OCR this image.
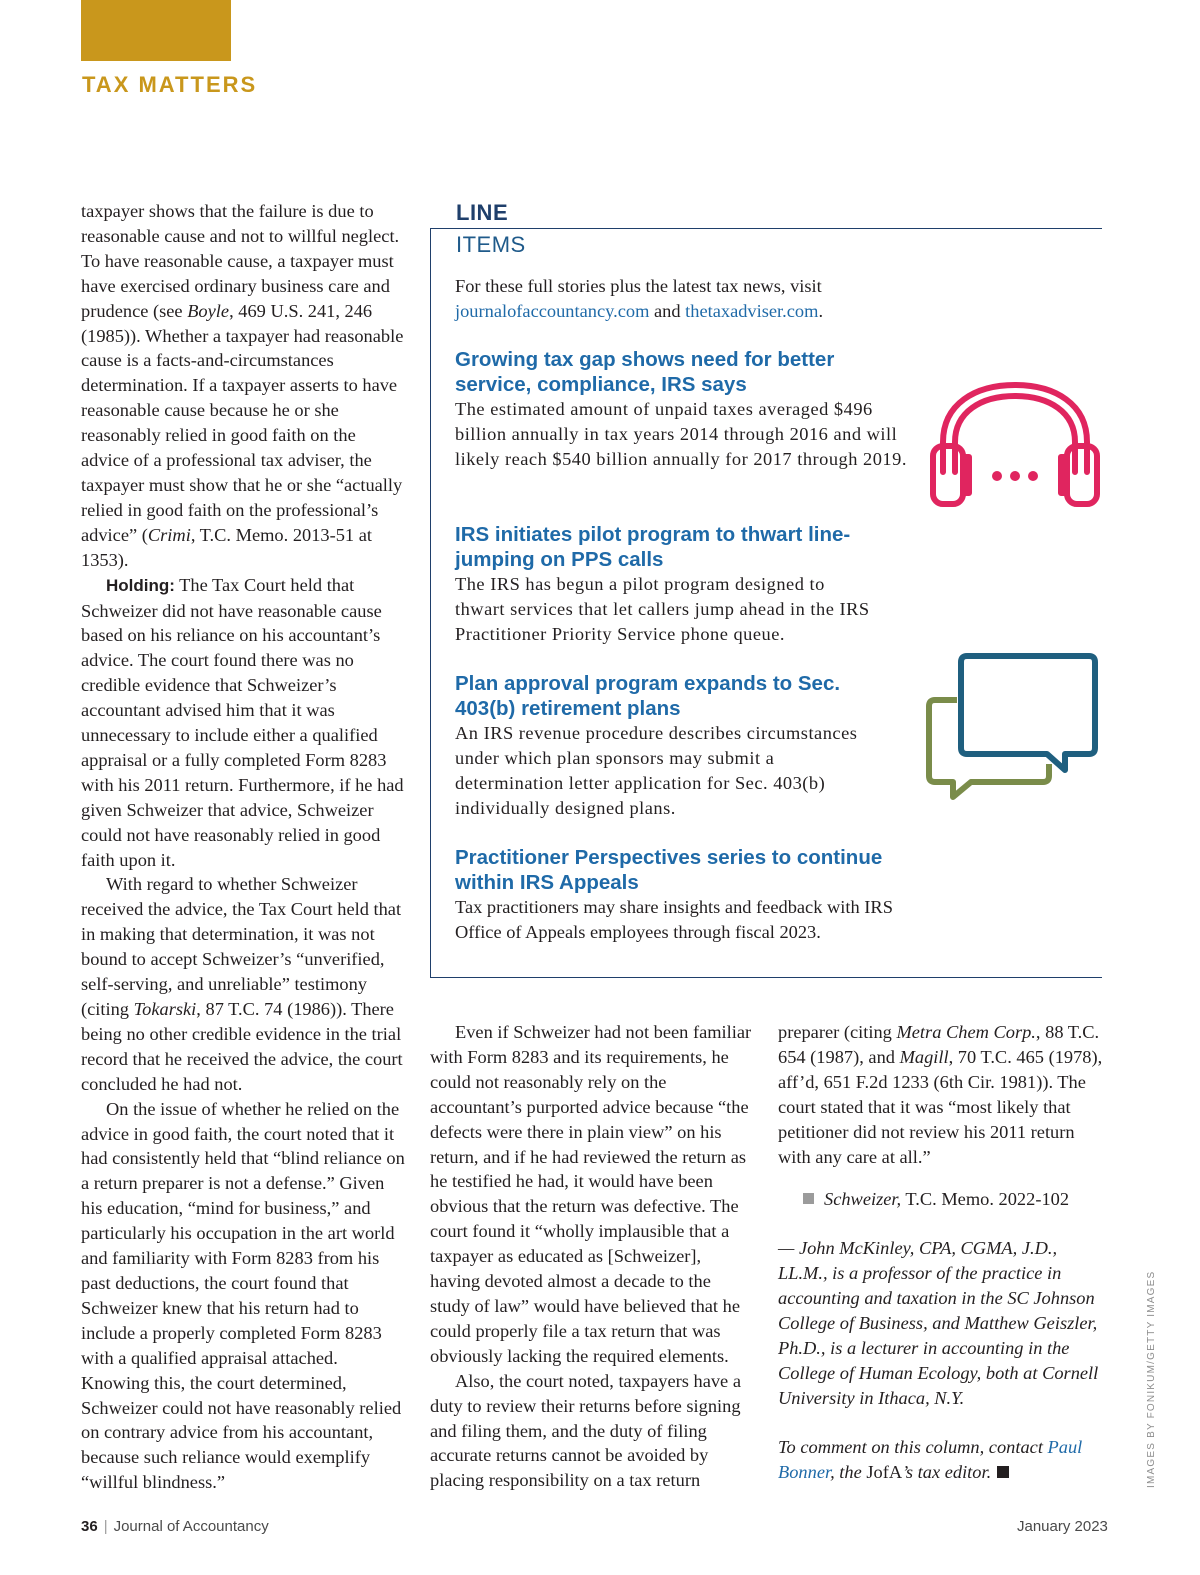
TAX MATTERS

taxpayer shows that the failure is due to reasonable cause and not to willful neglect. To have reasonable cause, a taxpayer must have exercised ordinary business care and prudence (see Boyle, 469 U.S. 241, 246 (1985)). Whether a taxpayer had reasonable cause is a facts-and-circumstances determination. If a taxpayer asserts to have reasonable cause because he or she reasonably relied in good faith on the advice of a professional tax adviser, the taxpayer must show that he or she “actually relied in good faith on the professional’s advice” (Crimi, T.C. Memo. 2013-51 at 1353).

Holding: The Tax Court held that Schweizer did not have reasonable cause based on his reliance on his accountant’s advice. The court found there was no credible evidence that Schweizer’s accountant advised him that it was unnecessary to include either a qualified appraisal or a fully completed Form 8283 with his 2011 return. Furthermore, if he had given Schweizer that advice, Schweizer could not have reasonably relied in good faith upon it.

With regard to whether Schweizer received the advice, the Tax Court held that in making that determination, it was not bound to accept Schweizer’s “unverified, self-serving, and unreliable” testimony (citing Tokarski, 87 T.C. 74 (1986)). There being no other credible evidence in the trial record that he received the advice, the court concluded he had not.

On the issue of whether he relied on the advice in good faith, the court noted that it had consistently held that “blind reliance on a return preparer is not a defense.” Given his education, “mind for business,” and particularly his occupation in the art world and familiarity with Form 8283 from his past deductions, the court found that Schweizer knew that his return had to include a properly completed Form 8283 with a qualified appraisal attached. Knowing this, the court determined, Schweizer could not have reasonably relied on contrary advice from his accountant, because such reliance would exemplify “willful blindness.”

LINE
ITEMS
For these full stories plus the latest tax news, visit journalofaccountancy.com and thetaxadviser.com.

Growing tax gap shows need for better service, compliance, IRS says

The estimated amount of unpaid taxes averaged $496 billion annually in tax years 2014 through 2016 and will likely reach $540 billion annually for 2017 through 2019.

IRS initiates pilot program to thwart line-jumping on PPS calls

The IRS has begun a pilot program designed to thwart services that let callers jump ahead in the IRS Practitioner Priority Service phone queue.

Plan approval program expands to Sec. 403(b) retirement plans

An IRS revenue procedure describes circumstances under which plan sponsors may submit a determination letter application for Sec. 403(b) individually designed plans.

Practitioner Perspectives series to continue within IRS Appeals

Tax practitioners may share insights and feedback with IRS Office of Appeals employees through fiscal 2023.

Even if Schweizer had not been familiar with Form 8283 and its requirements, he could not reasonably rely on the accountant’s purported advice because “the defects were there in plain view” on his return, and if he had reviewed the return as he testified he had, it would have been obvious that the return was defective. The court found it “wholly implausible that a taxpayer as educated as [Schweizer], having devoted almost a decade to the study of law” would have believed that he could properly file a tax return that was obviously lacking the required elements.

Also, the court noted, taxpayers have a duty to review their returns before signing and filing them, and the duty of filing accurate returns cannot be avoided by placing responsibility on a tax return

preparer (citing Metra Chem Corp., 88 T.C. 654 (1987), and Magill, 70 T.C. 465 (1978), aff’d, 651 F.2d 1233 (6th Cir. 1981)). The court stated that it was “most likely that petitioner did not review his 2011 return with any care at all.”

Schweizer, T.C. Memo. 2022-102

— John McKinley, CPA, CGMA, J.D., LL.M., is a professor of the practice in accounting and taxation in the SC Johnson College of Business, and Matthew Geiszler, Ph.D., is a lecturer in accounting in the College of Human Ecology, both at Cornell University in Ithaca, N.Y.

To comment on this column, contact Paul Bonner, the JofA’s tax editor.	IMAGES BY FONIKUM/GETTY IMAGES
36 | Journal of Accountancy	January 2023
